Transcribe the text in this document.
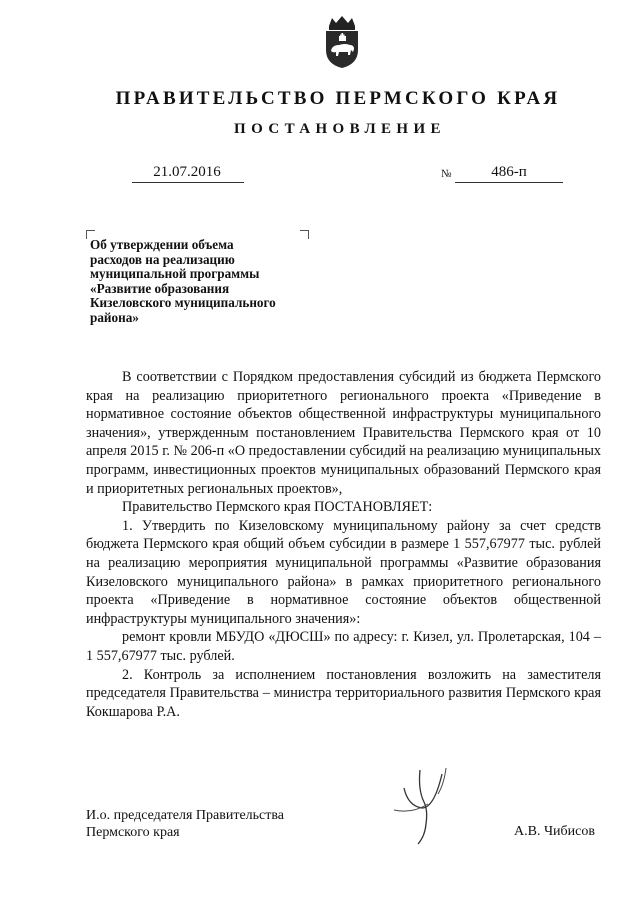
ПРАВИТЕЛЬСТВО ПЕРМСКОГО КРАЯ
ПОСТАНОВЛЕНИЕ
21.07.2016	№	486-п
Об утверждении объема
расходов на реализацию
муниципальной программы
«Развитие образования
Кизеловского муниципального
района»

В соответствии с Порядком предоставления субсидий из бюджета Пермского края на реализацию приоритетного регионального проекта «Приведение в нормативное состояние объектов общественной инфраструктуры муниципального значения», утвержденным постановлением Правительства Пермского края от 10 апреля 2015 г. № 206-п «О предоставлении субсидий на реализацию муниципальных программ, инвестиционных проектов муниципальных образований Пермского края и приоритетных региональных проектов»,

Правительство Пермского края ПОСТАНОВЛЯЕТ:

1. Утвердить по Кизеловскому муниципальному району за счет средств бюджета Пермского края общий объем субсидии в размере 1 557,67977 тыс. рублей на реализацию мероприятия муниципальной программы «Развитие образования Кизеловского муниципального района» в рамках приоритетного регионального проекта «Приведение в нормативное состояние объектов общественной инфраструктуры муниципального значения»:

ремонт кровли МБУДО «ДЮСШ» по адресу: г. Кизел, ул. Пролетарская, 104 – 1 557,67977 тыс. рублей.

2. Контроль за исполнением постановления возложить на заместителя председателя Правительства – министра территориального развития Пермского края Кокшарова Р.А.

И.о. председателя Правительства
Пермского края	А.В. Чибисов
